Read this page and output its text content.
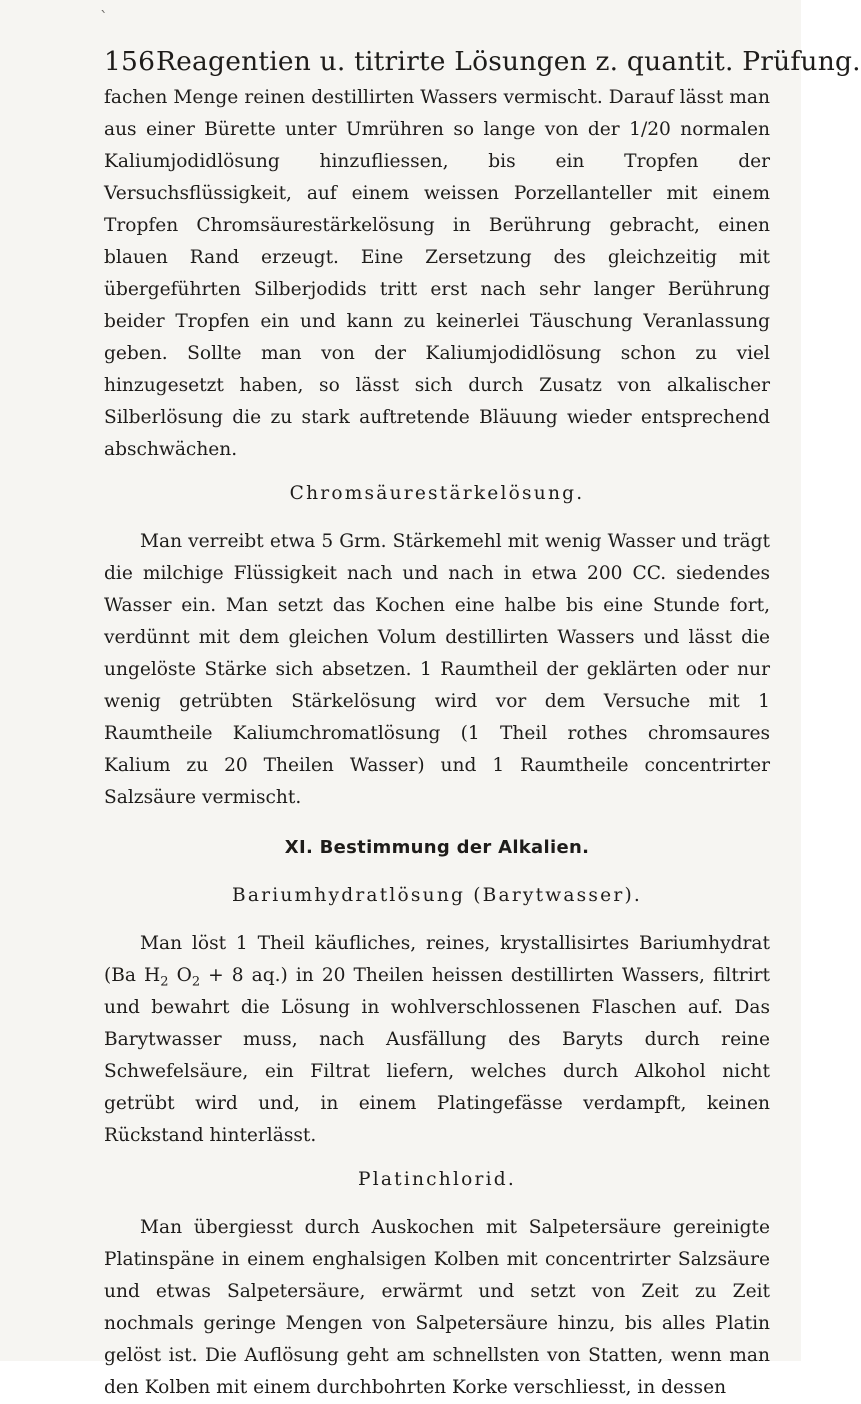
ˋ
156Reagentien u. titrirte Lösungen z. quantit. Prüfung.

fachen Menge reinen destillirten Wassers vermischt. Darauf lässt man aus einer Bürette unter Umrühren so lange von der 1/20 normalen Kaliumjodidlösung hinzufliessen, bis ein Tropfen der Versuchsflüssigkeit, auf einem weissen Porzellanteller mit einem Tropfen Chromsäurestärkelösung in Berührung gebracht, einen blauen Rand erzeugt. Eine Zersetzung des gleichzeitig mit übergeführten Silberjodids tritt erst nach sehr langer Berührung beider Tropfen ein und kann zu keinerlei Täuschung Veranlassung geben. Sollte man von der Kaliumjodidlösung schon zu viel hinzugesetzt haben, so lässt sich durch Zusatz von alkalischer Silberlösung die zu stark auftretende Bläuung wieder entsprechend abschwächen.

Chromsäurestärkelösung.

Man verreibt etwa 5 Grm. Stärkemehl mit wenig Wasser und trägt die milchige Flüssigkeit nach und nach in etwa 200 CC. siedendes Wasser ein. Man setzt das Kochen eine halbe bis eine Stunde fort, verdünnt mit dem gleichen Volum destillirten Wassers und lässt die ungelöste Stärke sich absetzen. 1 Raumtheil der geklärten oder nur wenig getrübten Stärkelösung wird vor dem Versuche mit 1 Raumtheile Kaliumchromatlösung (1 Theil rothes chromsaures Kalium zu 20 Theilen Wasser) und 1 Raumtheile concentrirter Salzsäure vermischt.

XI. Bestimmung der Alkalien.
Bariumhydratlösung (Barytwasser).

Man löst 1 Theil käufliches, reines, krystallisirtes Bariumhydrat (Ba $H_2$ $O_2 + 8$ aq.) in 20 Theilen heissen destillirten Wassers, filtrirt und bewahrt die Lösung in wohlverschlossenen Flaschen auf. Das Barytwasser muss, nach Ausfällung des Baryts durch reine Schwefelsäure, ein Filtrat liefern, welches durch Alkohol nicht getrübt wird und, in einem Platingefässe verdampft, keinen Rückstand hinterlässt.

Platinchlorid.

Man übergiesst durch Auskochen mit Salpetersäure gereinigte Platinspäne in einem enghalsigen Kolben mit concentrirter Salzsäure und etwas Salpetersäure, erwärmt und setzt von Zeit zu Zeit nochmals geringe Mengen von Salpetersäure hinzu, bis alles Platin gelöst ist. Die Auflösung geht am schnellsten von Statten, wenn man den Kolben mit einem durchbohrten Korke verschliesst, in dessen
